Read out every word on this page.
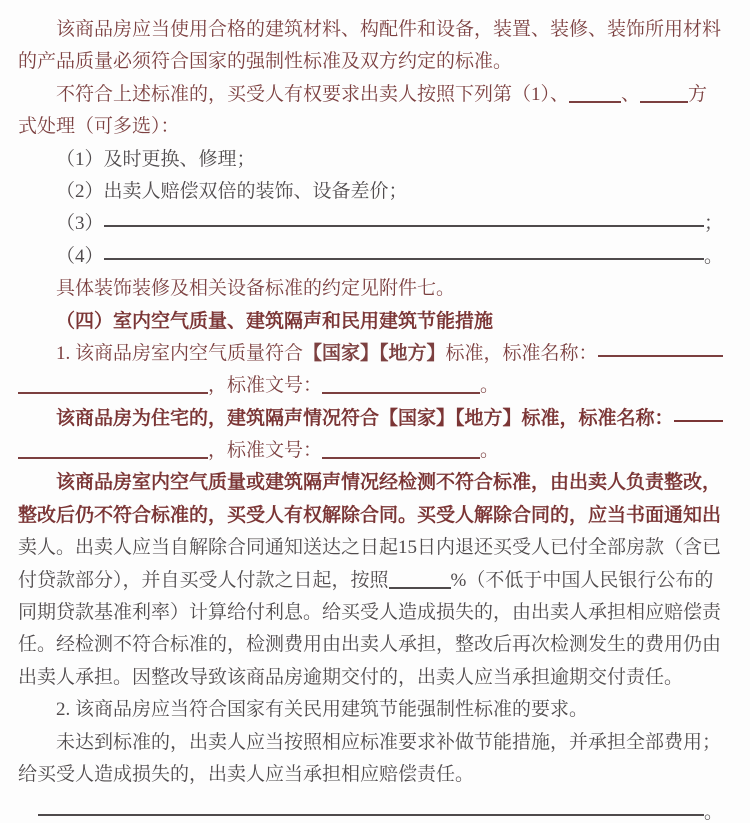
该商品房应当使用合格的建筑材料、构配件和设备，装置、装修、装饰所用材料
的产品质量必须符合国家的强制性标准及双方约定的标准。
不符合上述标准的，买受人有权要求出卖人按照下列第（1）、	、	方
式处理（可多选）：
（1）及时更换、修理；
（2）出卖人赔偿双倍的装饰、设备差价；
（3）	；
（4）	。
具体装饰装修及相关设备标准的约定见附件七。
（四）室内空气质量、建筑隔声和民用建筑节能措施
1. 该商品房室内空气质量符合 【国家】【地方】 标准，标准名称：
，标准文号：	。
该商品房为住宅的，建筑隔声情况符合【国家】【地方】标准，标准名称：
，标准文号：	。
该商品房室内空气质量或建筑隔声情况经检测不符合标准，由出卖人负责整改，
整改后仍不符合标准的，买受人有权解除合同。买受人解除合同的，应当书面通知出
卖人。出卖人应当自解除合同通知送达之日起15日内退还买受人已付全部房款（含已
付贷款部分），并自买受人付款之日起，按照	%（不低于中国人民银行公布的
同期贷款基准利率）计算给付利息。给买受人造成损失的，由出卖人承担相应赔偿责
任。经检测不符合标准的，检测费用由出卖人承担，整改后再次检测发生的费用仍由
出卖人承担。因整改导致该商品房逾期交付的，出卖人应当承担逾期交付责任。
2. 该商品房应当符合国家有关民用建筑节能强制性标准的要求。
未达到标准的，出卖人应当按照相应标准要求补做节能措施，并承担全部费用；
给买受人造成损失的，出卖人应当承担相应赔偿责任。
。
